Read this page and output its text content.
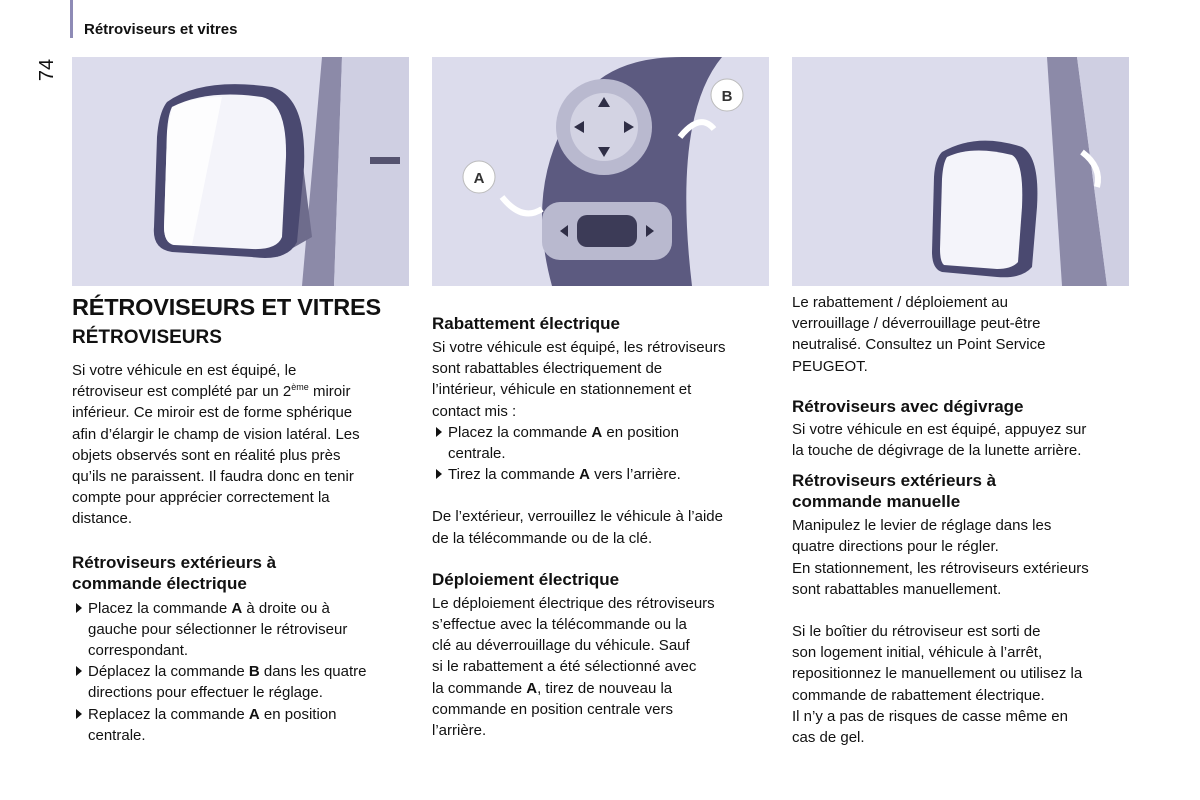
Rétroviseurs et vitres
74
B
A
RÉTROVISEURS ET VITRES
RÉTROVISEURS

Si votre véhicule en est équipé, le

rétroviseur est complété par un 2ème miroir

inférieur. Ce miroir est de forme sphérique

afin d’élargir le champ de vision latéral. Les

objets observés sont en réalité plus près

qu’ils ne paraissent. Il faudra donc en tenir

compte pour apprécier correctement la

distance.

Rétroviseurs extérieurs à
commande électrique

Placez la commande A à droite ou à

gauche pour sélectionner le rétroviseur

correspondant.

Déplacez la commande B dans les quatre

directions pour effectuer le réglage.

Replacez la commande A en position

centrale.

Rabattement électrique

Si votre véhicule est équipé, les rétroviseurs

sont rabattables électriquement de

l’intérieur, véhicule en stationnement et

contact mis :

Placez la commande A en position

centrale.

Tirez la commande A vers l’arrière.

De l’extérieur, verrouillez le véhicule à l’aide

de la télécommande ou de la clé.

Déploiement électrique

Le déploiement électrique des rétroviseurs

s’effectue avec la télécommande ou la

clé au déverrouillage du véhicule. Sauf

si le rabattement a été sélectionné avec

la commande A, tirez de nouveau la

commande en position centrale vers

l’arrière.

Le rabattement / déploiement au

verrouillage / déverrouillage peut-être

neutralisé. Consultez un Point Service

PEUGEOT.

Rétroviseurs avec dégivrage

Si votre véhicule en est équipé, appuyez sur

la touche de dégivrage de la lunette arrière.

Rétroviseurs extérieurs à
commande manuelle

Manipulez le levier de réglage dans les

quatre directions pour le régler.

En stationnement, les rétroviseurs extérieurs

sont rabattables manuellement.

Si le boîtier du rétroviseur est sorti de

son logement initial, véhicule à l’arrêt,

repositionnez le manuellement ou utilisez la

commande de rabattement électrique.

Il n’y a pas de risques de casse même en

cas de gel.
